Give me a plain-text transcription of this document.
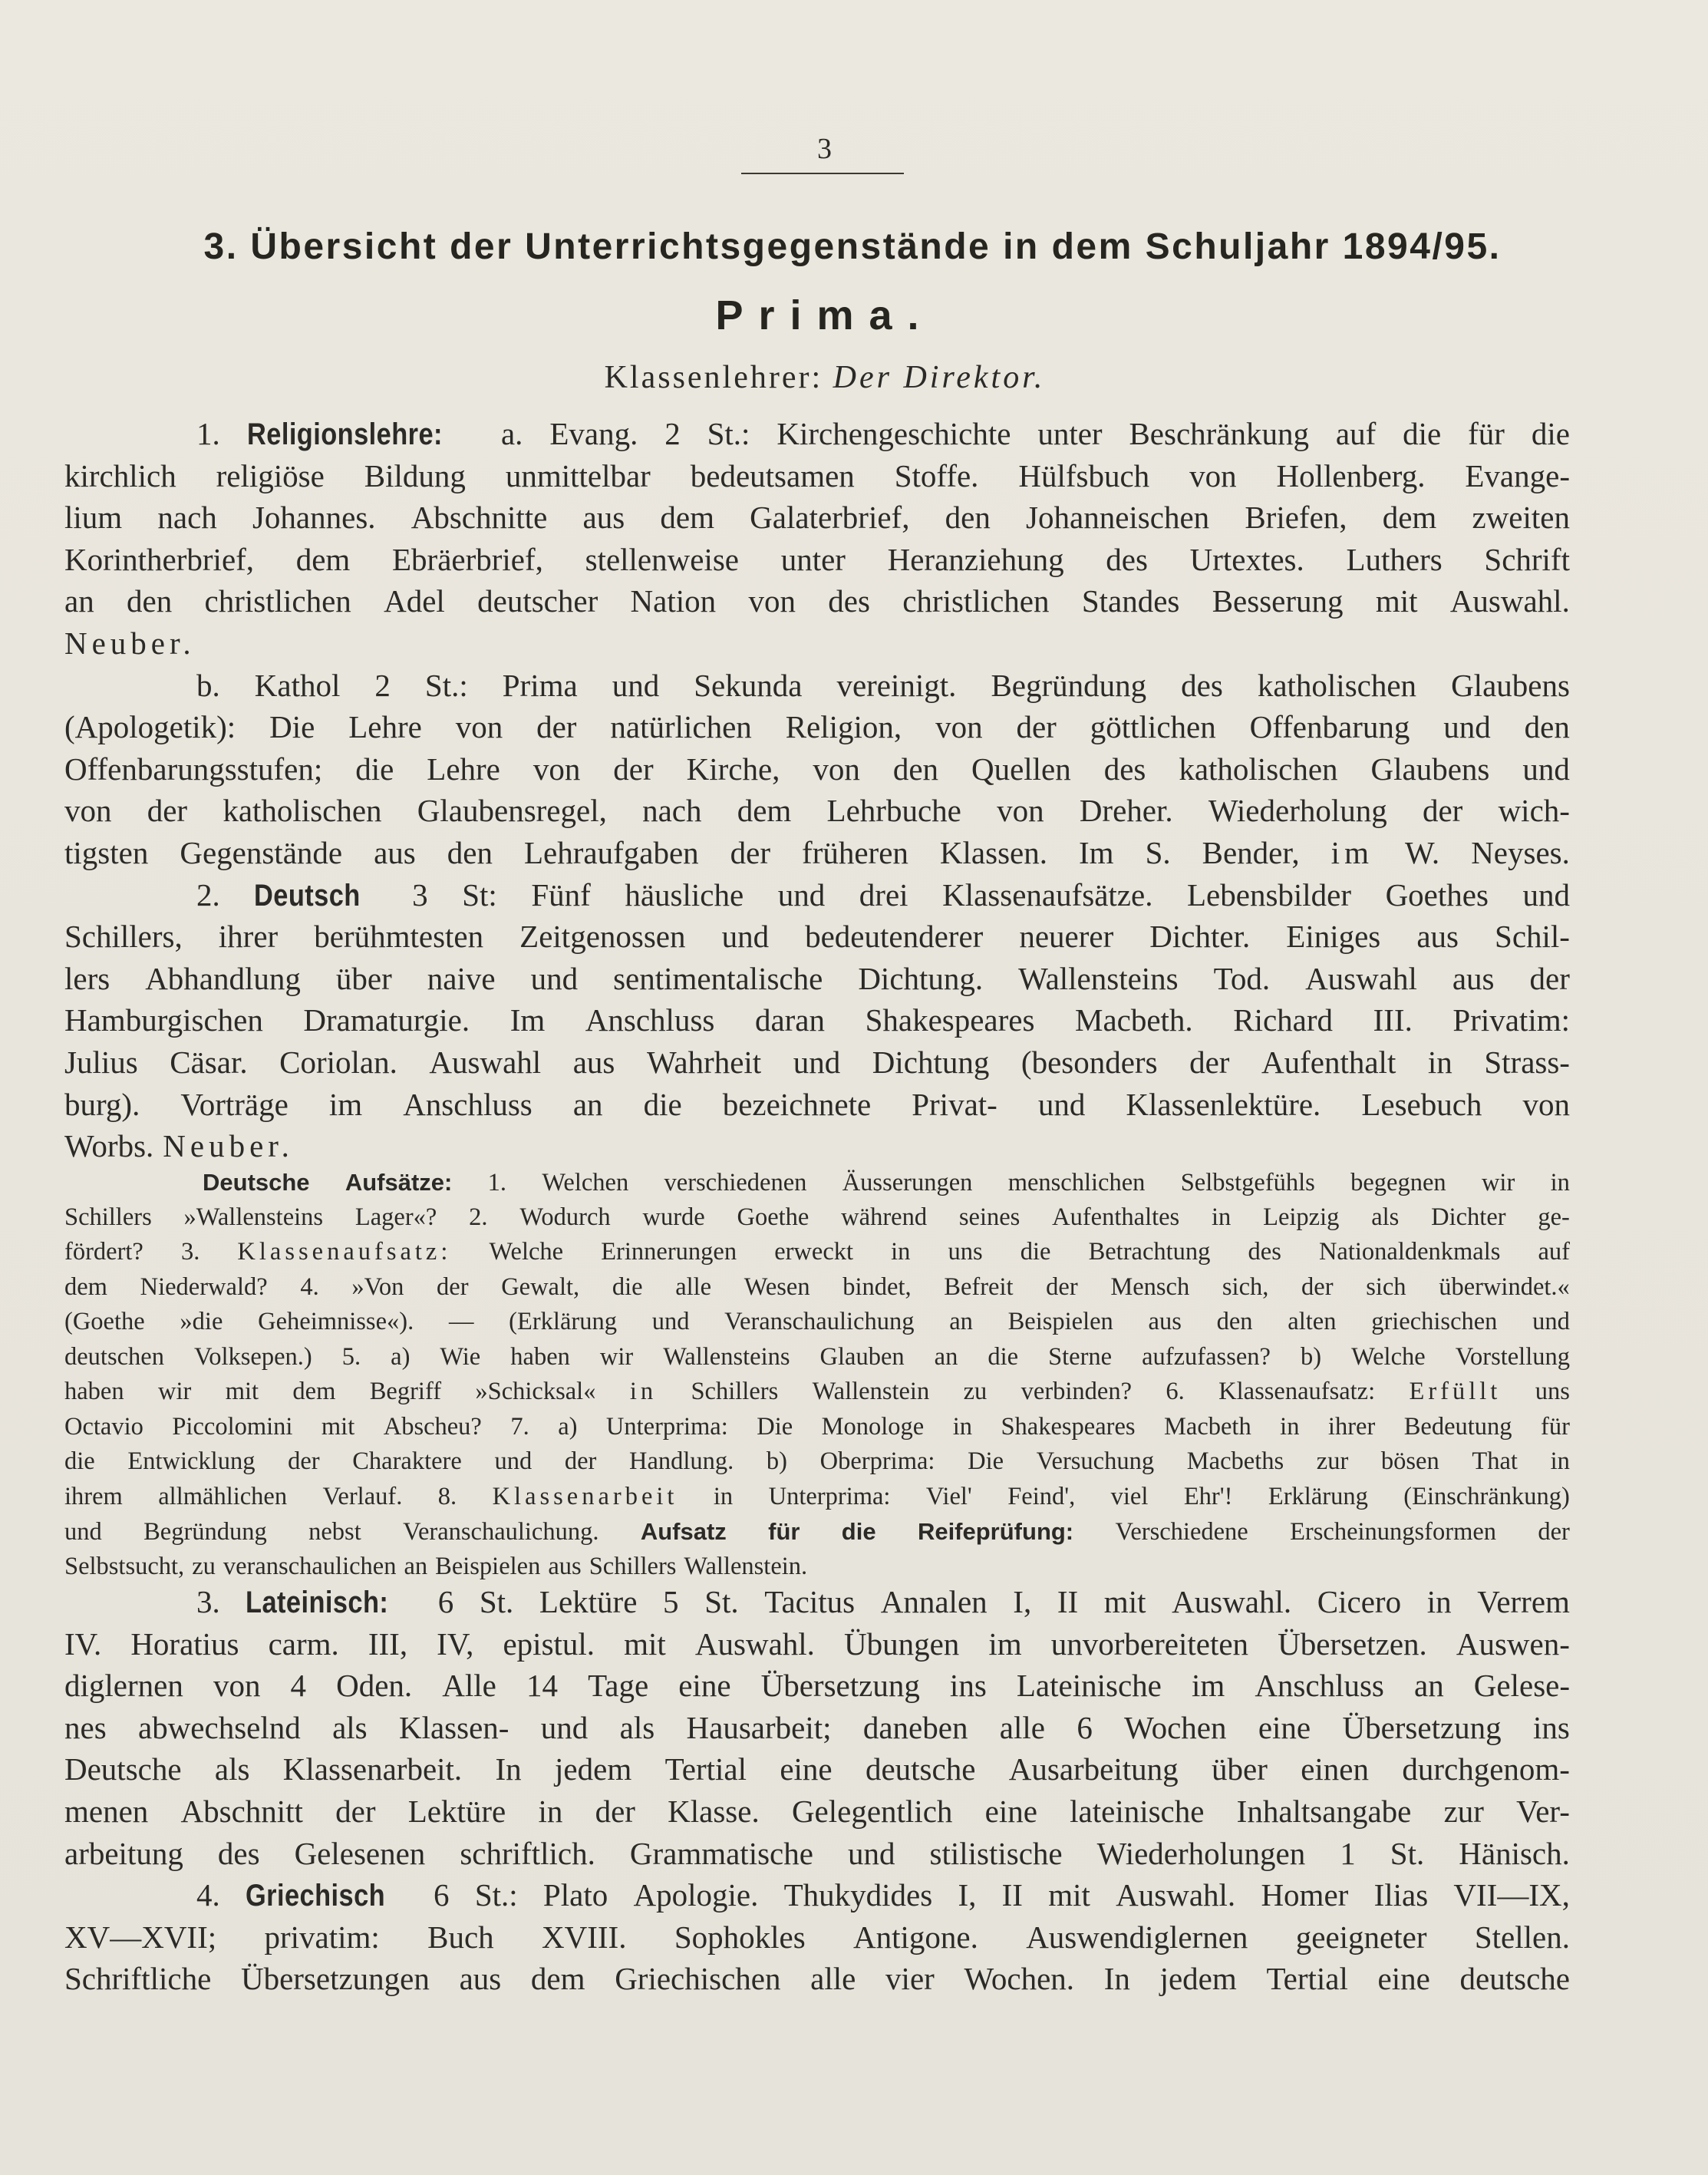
3
3. Übersicht der Unterrichtsgegenstände in dem Schuljahr 1894/95.
Prima.
Klassenlehrer: Der Direktor.
1. Religionslehre: a. Evang. 2 St.: Kirchengeschichte unter Beschränkung auf die für die
kirchlich religiöse Bildung unmittelbar bedeutsamen Stoffe. Hülfsbuch von Hollenberg. Evange-
lium nach Johannes. Abschnitte aus dem Galaterbrief, den Johanneischen Briefen, dem zweiten
Korintherbrief, dem Ebräerbrief, stellenweise unter Heranziehung des Urtextes. Luthers Schrift
an den christlichen Adel deutscher Nation von des christlichen Standes Besserung mit Auswahl.
Neuber.
b. Kathol 2 St.: Prima und Sekunda vereinigt. Begründung des katholischen Glaubens
(Apologetik): Die Lehre von der natürlichen Religion, von der göttlichen Offenbarung und den
Offenbarungsstufen; die Lehre von der Kirche, von den Quellen des katholischen Glaubens und
von der katholischen Glaubensregel, nach dem Lehrbuche von Dreher. Wiederholung der wich-
tigsten Gegenstände aus den Lehraufgaben der früheren Klassen. Im S. Bender, im W. Neyses.
2. Deutsch 3 St: Fünf häusliche und drei Klassenaufsätze. Lebensbilder Goethes und
Schillers, ihrer berühmtesten Zeitgenossen und bedeutenderer neuerer Dichter. Einiges aus Schil-
lers Abhandlung über naive und sentimentalische Dichtung. Wallensteins Tod. Auswahl aus der
Hamburgischen Dramaturgie. Im Anschluss daran Shakespeares Macbeth. Richard III. Privatim:
Julius Cäsar. Coriolan. Auswahl aus Wahrheit und Dichtung (besonders der Aufenthalt in Strass-
burg). Vorträge im Anschluss an die bezeichnete Privat- und Klassenlektüre. Lesebuch von
Worbs. Neuber.
Deutsche Aufsätze: 1. Welchen verschiedenen Äusserungen menschlichen Selbstgefühls begegnen wir in
Schillers »Wallensteins Lager«? 2. Wodurch wurde Goethe während seines Aufenthaltes in Leipzig als Dichter ge-
fördert? 3. Klassenaufsatz: Welche Erinnerungen erweckt in uns die Betrachtung des Nationaldenkmals auf
dem Niederwald? 4. »Von der Gewalt, die alle Wesen bindet, Befreit der Mensch sich, der sich überwindet.«
(Goethe »die Geheimnisse«). — (Erklärung und Veranschaulichung an Beispielen aus den alten griechischen und
deutschen Volksepen.) 5. a) Wie haben wir Wallensteins Glauben an die Sterne aufzufassen? b) Welche Vorstellung
haben wir mit dem Begriff »Schicksal« in Schillers Wallenstein zu verbinden? 6. Klassenaufsatz: Erfüllt uns
Octavio Piccolomini mit Abscheu? 7. a) Unterprima: Die Monologe in Shakespeares Macbeth in ihrer Bedeutung für
die Entwicklung der Charaktere und der Handlung. b) Oberprima: Die Versuchung Macbeths zur bösen That in
ihrem allmählichen Verlauf. 8. Klassenarbeit in Unterprima: Viel' Feind', viel Ehr'! Erklärung (Einschränkung)
und Begründung nebst Veranschaulichung. Aufsatz für die Reifeprüfung: Verschiedene Erscheinungsformen der
Selbstsucht, zu veranschaulichen an Beispielen aus Schillers Wallenstein.
3. Lateinisch: 6 St. Lektüre 5 St. Tacitus Annalen I, II mit Auswahl. Cicero in Verrem
IV. Horatius carm. III, IV, epistul. mit Auswahl. Übungen im unvorbereiteten Übersetzen. Auswen-
diglernen von 4 Oden. Alle 14 Tage eine Übersetzung ins Lateinische im Anschluss an Gelese-
nes abwechselnd als Klassen- und als Hausarbeit; daneben alle 6 Wochen eine Übersetzung ins
Deutsche als Klassenarbeit. In jedem Tertial eine deutsche Ausarbeitung über einen durchgenom-
menen Abschnitt der Lektüre in der Klasse. Gelegentlich eine lateinische Inhaltsangabe zur Ver-
arbeitung des Gelesenen schriftlich. Grammatische und stilistische Wiederholungen 1 St. Hänisch.
4. Griechisch 6 St.: Plato Apologie. Thukydides I, II mit Auswahl. Homer Ilias VII—IX,
XV—XVII; privatim: Buch XVIII. Sophokles Antigone. Auswendiglernen geeigneter Stellen.
Schriftliche Übersetzungen aus dem Griechischen alle vier Wochen. In jedem Tertial eine deutsche
